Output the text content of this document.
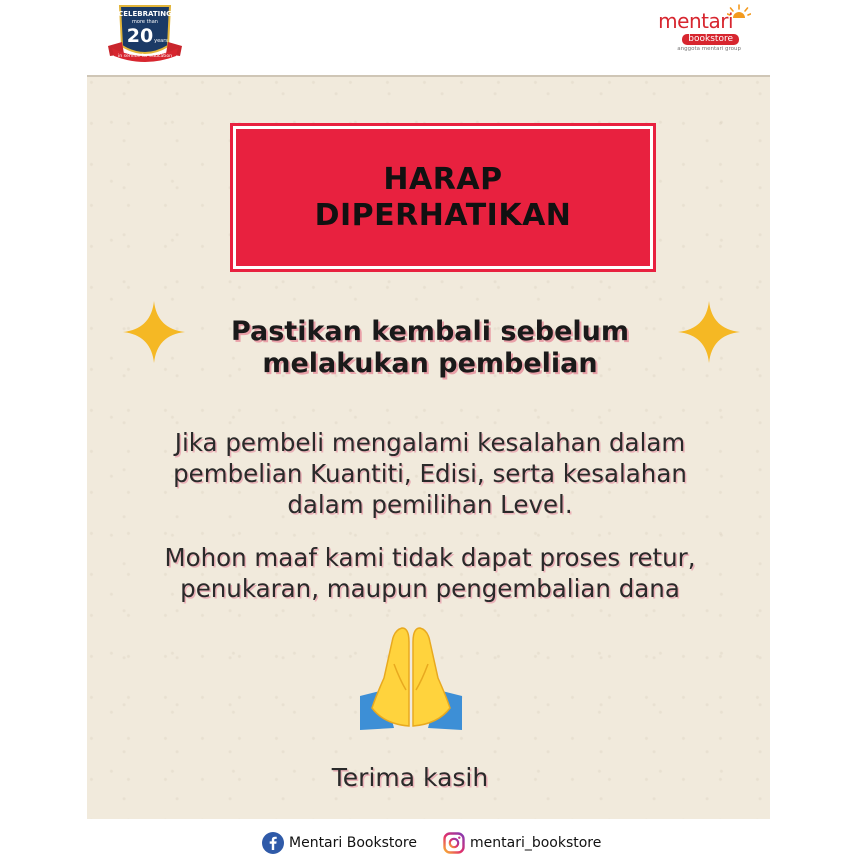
CELEBRATING
more than
20 years
in service for education
mentari
bookstore
anggota mentari group
HARAP
DIPERHATIKAN
Pastikan kembali sebelum
melakukan pembelian
Jika pembeli mengalami kesalahan dalam
pembelian Kuantiti, Edisi, serta kesalahan
dalam pemilihan Level.
Mohon maaf kami tidak dapat proses retur,
penukaran, maupun pengembalian dana
Terima kasih
Mentari Bookstore	mentari_bookstore
